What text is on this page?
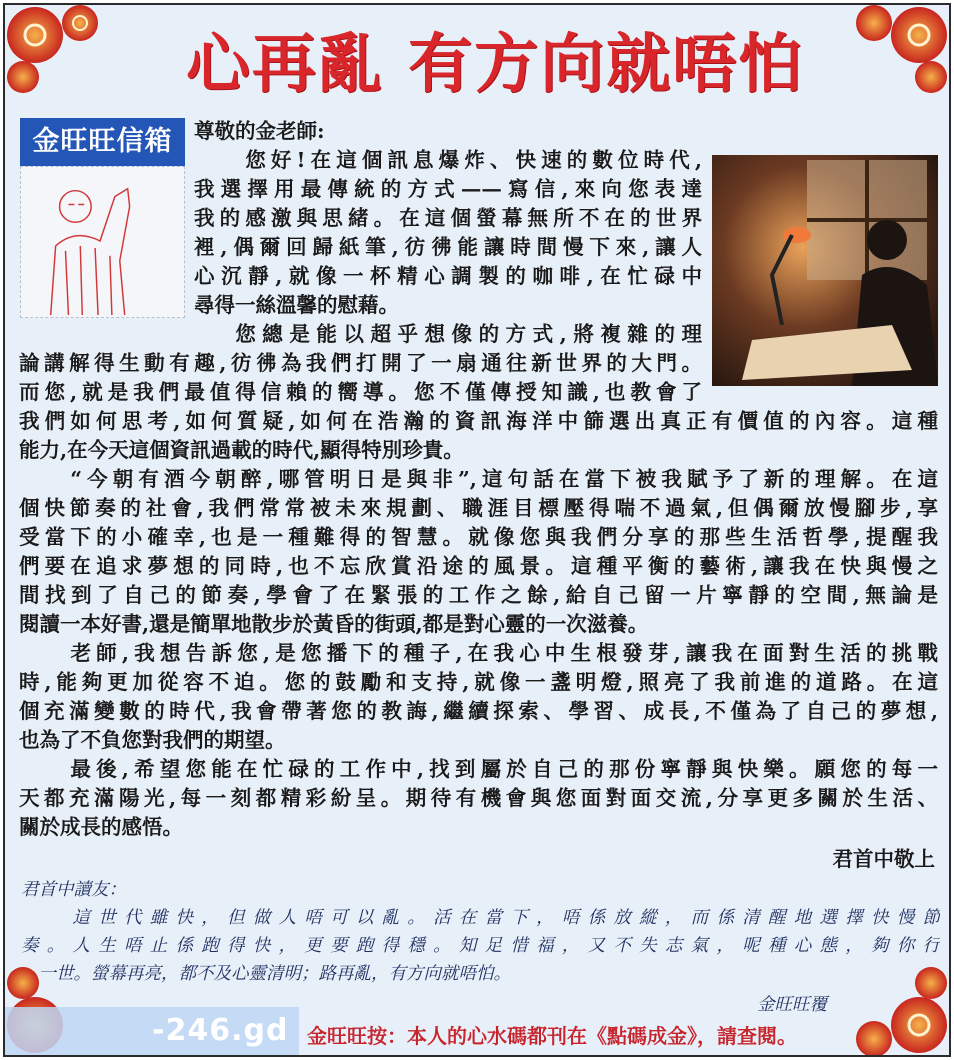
心再亂 有方向就唔怕
金旺旺信箱	尊敬的金老師:
　　您好!在這個訊息爆炸、快速的數位時代,
我選擇用最傳統的方式——寫信,來向您表達
我的感激與思緒。在這個螢幕無所不在的世界
裡,偶爾回歸紙筆,彷彿能讓時間慢下來,讓人
心沉靜,就像一杯精心調製的咖啡,在忙碌中
尋得一絲溫馨的慰藉。
　　　　　　　　您總是能以超乎想像的方式,將複雜的理
論講解得生動有趣,彷彿為我們打開了一扇通往新世界的大門。
而您,就是我們最值得信賴的嚮導。您不僅傳授知識,也教會了
我們如何思考,如何質疑,如何在浩瀚的資訊海洋中篩選出真正有價值的內容。這種
能力,在今天這個資訊過載的時代,顯得特別珍貴。
　　“今朝有酒今朝醉,哪管明日是與非”,這句話在當下被我賦予了新的理解。在這
個快節奏的社會,我們常常被未來規劃、職涯目標壓得喘不過氣,但偶爾放慢腳步,享
受當下的小確幸,也是一種難得的智慧。就像您與我們分享的那些生活哲學,提醒我
們要在追求夢想的同時,也不忘欣賞沿途的風景。這種平衡的藝術,讓我在快與慢之
間找到了自己的節奏,學會了在緊張的工作之餘,給自己留一片寧靜的空間,無論是
閱讀一本好書,還是簡單地散步於黃昏的街頭,都是對心靈的一次滋養。
　　老師,我想告訴您,是您播下的種子,在我心中生根發芽,讓我在面對生活的挑戰
時,能夠更加從容不迫。您的鼓勵和支持,就像一盞明燈,照亮了我前進的道路。在這
個充滿變數的時代,我會帶著您的教誨,繼續探索、學習、成長,不僅為了自己的夢想,
也為了不負您對我們的期望。
　　最後,希望您能在忙碌的工作中,找到屬於自己的那份寧靜與快樂。願您的每一
天都充滿陽光,每一刻都精彩紛呈。期待有機會與您面對面交流,分享更多關於生活、
關於成長的感悟。
君首中敬上
君首中讀友：
　　這世代雖快，但做人唔可以亂。活在當下，唔係放縱，而係清醒地選擇快慢節
奏。人生唔止係跑得快，更要跑得穩。知足惜福，又不失志氣，呢種心態，夠你行
　一世。螢幕再亮，都不及心靈清明；路再亂，有方向就唔怕。
金旺旺覆
-246.gd 金旺旺按：本人的心水碼都刊在《點碼成金》，請查閱。
